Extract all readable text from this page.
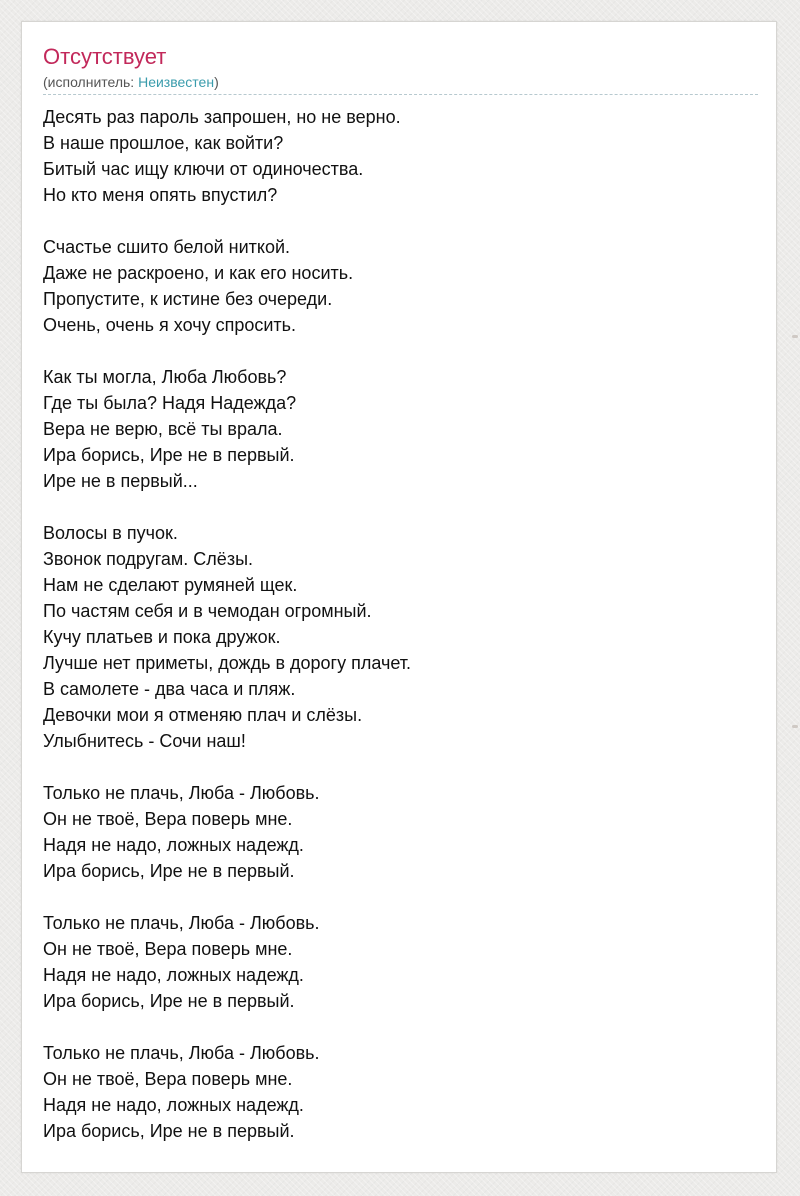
Отсутствует
(исполнитель: Неизвестен)
Десять раз пароль запрошен, но не верно.
В наше прошлое, как войти?
Битый час ищу ключи от одиночества.
Но кто меня опять впустил?
Счастье сшито белой ниткой.
Даже не раскроено, и как его носить.
Пропустите, к истине без очереди.
Очень, очень я хочу спросить.
Как ты могла, Люба Любовь?
Где ты была? Надя Надежда?
Вера не верю, всё ты врала.
Ира борись, Ире не в первый.
Ире не в первый...
Волосы в пучок.
Звонок подругам. Слёзы.
Нам не сделают румяней щек.
По частям себя и в чемодан огромный.
Кучу платьев и пока дружок.
Лучше нет приметы, дождь в дорогу плачет.
В самолете - два часа и пляж.
Девочки мои я отменяю плач и слёзы.
Улыбнитесь - Сочи наш!
Только не плачь, Люба - Любовь.
Он не твоё, Вера поверь мне.
Надя не надо, ложных надежд.
Ира борись, Ире не в первый.
Только не плачь, Люба - Любовь.
Он не твоё, Вера поверь мне.
Надя не надо, ложных надежд.
Ира борись, Ире не в первый.
Только не плачь, Люба - Любовь.
Он не твоё, Вера поверь мне.
Надя не надо, ложных надежд.
Ира борись, Ире не в первый.
